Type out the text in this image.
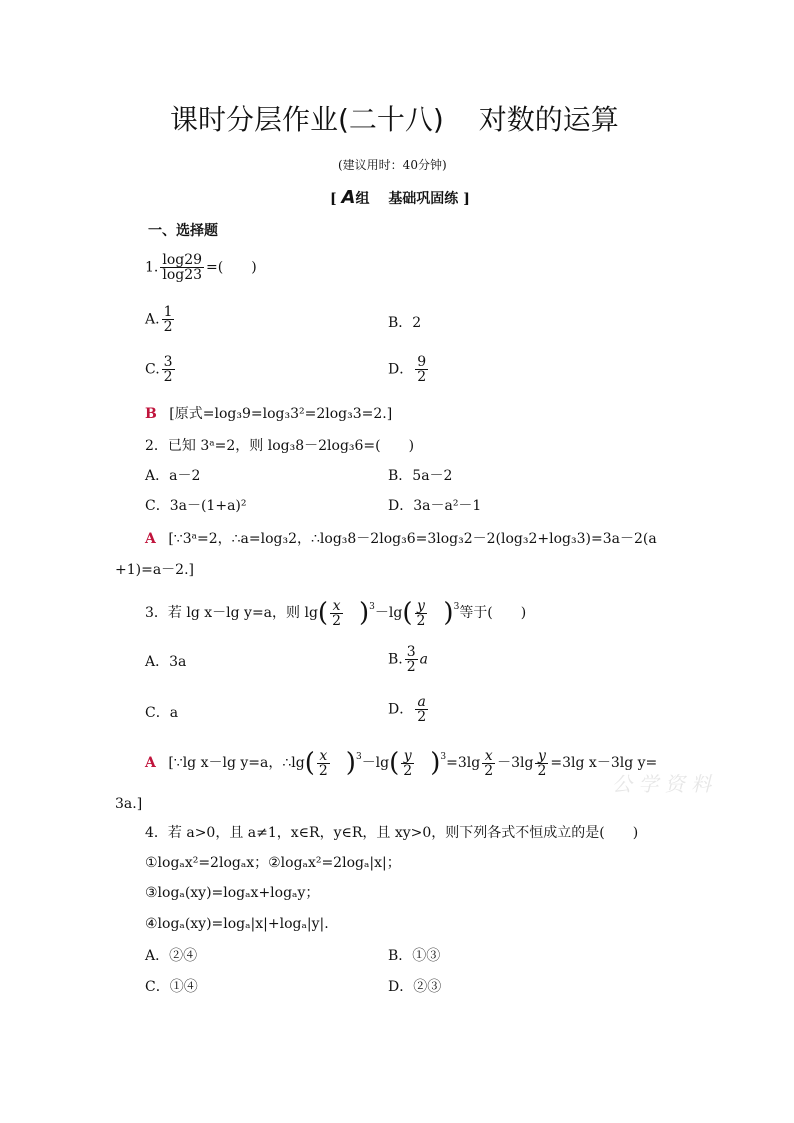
课时分层作业(二十八) 对数的运算
(建议用时：40分钟)
[ A组 基础巩固练 ]
一、选择题
1. $\frac{\log 29}{\log 23}$ =(　　)
A. $\frac{1}{2}$	B．2
C. $\frac{3}{2}$	D． $\frac{9}{2}$
B [原式=log₃9=log₃3²=2log₃3=2.]
2．已知 3ᵃ=2，则 log₃8－2log₃6=(　　)
A．a－2	B．5a－2
C．3a－(1+a)²	D．3a－a²－1
A [∵3ᵃ=2，∴a=log₃2，∴log₃8－2log₃6=3log₃2－2(log₃2+log₃3)=3a－2(a
+1)=a－2.]
3．若 lg x－lg y=a，则 $\lg( \frac{x}{2} )^3-\lg( \frac{y}{2} )^3$等于(　　)
A．3a	B. $\frac{3}{2}$ a
C．a	D． $\frac{a}{2}$
A [∵lg x－lg y=a，∴lg( $\frac{x}{2} )^3-\lg( \frac{y}{2} )^3=3\lg \frac{x}{2} -3\lg \frac{y}{2} =3\lg$ x－3lg y=
3a.]
公 学 资 料
4．若 a>0，且 a≠1，x∈R，y∈R，且 xy>0，则下列各式不恒成立的是(　　)
①logₐx²=2logₐx；②logₐx²=2logₐ|x|；
③logₐ(xy)=logₐx+logₐy；
④logₐ(xy)=logₐ|x|+logₐ|y|.
A．②④	B．①③
C．①④	D．②③
